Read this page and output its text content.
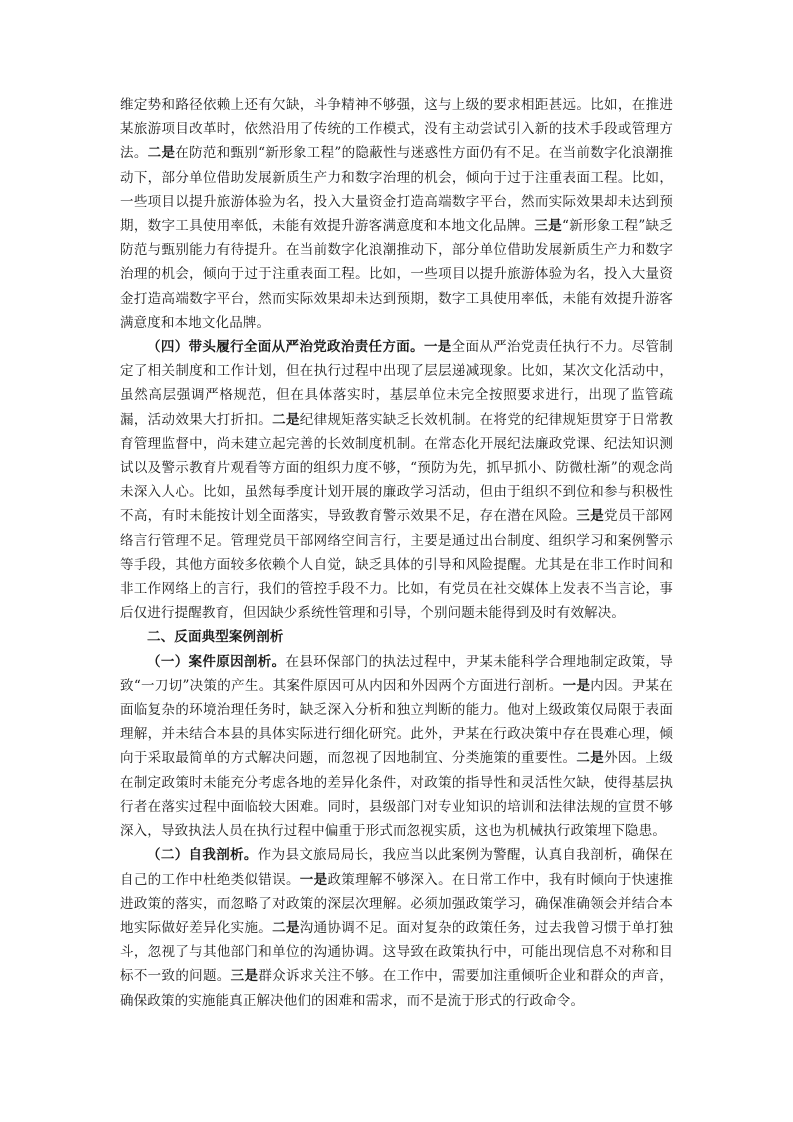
维定势和路径依赖上还有欠缺，斗争精神不够强，这与上级的要求相距甚远。比如，在推进某旅游项目改革时，依然沿用了传统的工作模式，没有主动尝试引入新的技术手段或管理方法。二是在防范和甄别“新形象工程”的隐蔽性与迷惑性方面仍有不足。在当前数字化浪潮推动下，部分单位借助发展新质生产力和数字治理的机会，倾向于过于注重表面工程。比如，一些项目以提升旅游体验为名，投入大量资金打造高端数字平台，然而实际效果却未达到预期，数字工具使用率低，未能有效提升游客满意度和本地文化品牌。三是“新形象工程”缺乏防范与甄别能力有待提升。在当前数字化浪潮推动下，部分单位借助发展新质生产力和数字治理的机会，倾向于过于注重表面工程。比如，一些项目以提升旅游体验为名，投入大量资金打造高端数字平台，然而实际效果却未达到预期，数字工具使用率低，未能有效提升游客满意度和本地文化品牌。

（四）带头履行全面从严治党政治责任方面。一是全面从严治党责任执行不力。尽管制定了相关制度和工作计划，但在执行过程中出现了层层递减现象。比如，某次文化活动中，虽然高层强调严格规范，但在具体落实时，基层单位未完全按照要求进行，出现了监管疏漏，活动效果大打折扣。二是纪律规矩落实缺乏长效机制。在将党的纪律规矩贯穿于日常教育管理监督中，尚未建立起完善的长效制度机制。在常态化开展纪法廉政党课、纪法知识测试以及警示教育片观看等方面的组织力度不够，“预防为先，抓早抓小、防微杜渐”的观念尚未深入人心。比如，虽然每季度计划开展的廉政学习活动，但由于组织不到位和参与积极性不高，有时未能按计划全面落实，导致教育警示效果不足，存在潜在风险。三是党员干部网络言行管理不足。管理党员干部网络空间言行，主要是通过出台制度、组织学习和案例警示等手段，其他方面较多依赖个人自觉，缺乏具体的引导和风险提醒。尤其是在非工作时间和非工作网络上的言行，我们的管控手段不力。比如，有党员在社交媒体上发表不当言论，事后仅进行提醒教育，但因缺少系统性管理和引导，个别问题未能得到及时有效解决。

二、反面典型案例剖析

（一）案件原因剖析。在县环保部门的执法过程中，尹某未能科学合理地制定政策，导致“一刀切”决策的产生。其案件原因可从内因和外因两个方面进行剖析。一是内因。尹某在面临复杂的环境治理任务时，缺乏深入分析和独立判断的能力。他对上级政策仅局限于表面理解，并未结合本县的具体实际进行细化研究。此外，尹某在行政决策中存在畏难心理，倾向于采取最简单的方式解决问题，而忽视了因地制宜、分类施策的重要性。二是外因。上级在制定政策时未能充分考虑各地的差异化条件，对政策的指导性和灵活性欠缺，使得基层执行者在落实过程中面临较大困难。同时，县级部门对专业知识的培训和法律法规的宣贯不够深入，导致执法人员在执行过程中偏重于形式而忽视实质，这也为机械执行政策埋下隐患。

（二）自我剖析。作为县文旅局局长，我应当以此案例为警醒，认真自我剖析，确保在自己的工作中杜绝类似错误。一是政策理解不够深入。在日常工作中，我有时倾向于快速推进政策的落实，而忽略了对政策的深层次理解。必须加强政策学习，确保准确领会并结合本地实际做好差异化实施。二是沟通协调不足。面对复杂的政策任务，过去我曾习惯于单打独斗，忽视了与其他部门和单位的沟通协调。这导致在政策执行中，可能出现信息不对称和目标不一致的问题。三是群众诉求关注不够。在工作中，需要加注重倾听企业和群众的声音，确保政策的实施能真正解决他们的困难和需求，而不是流于形式的行政命令。
